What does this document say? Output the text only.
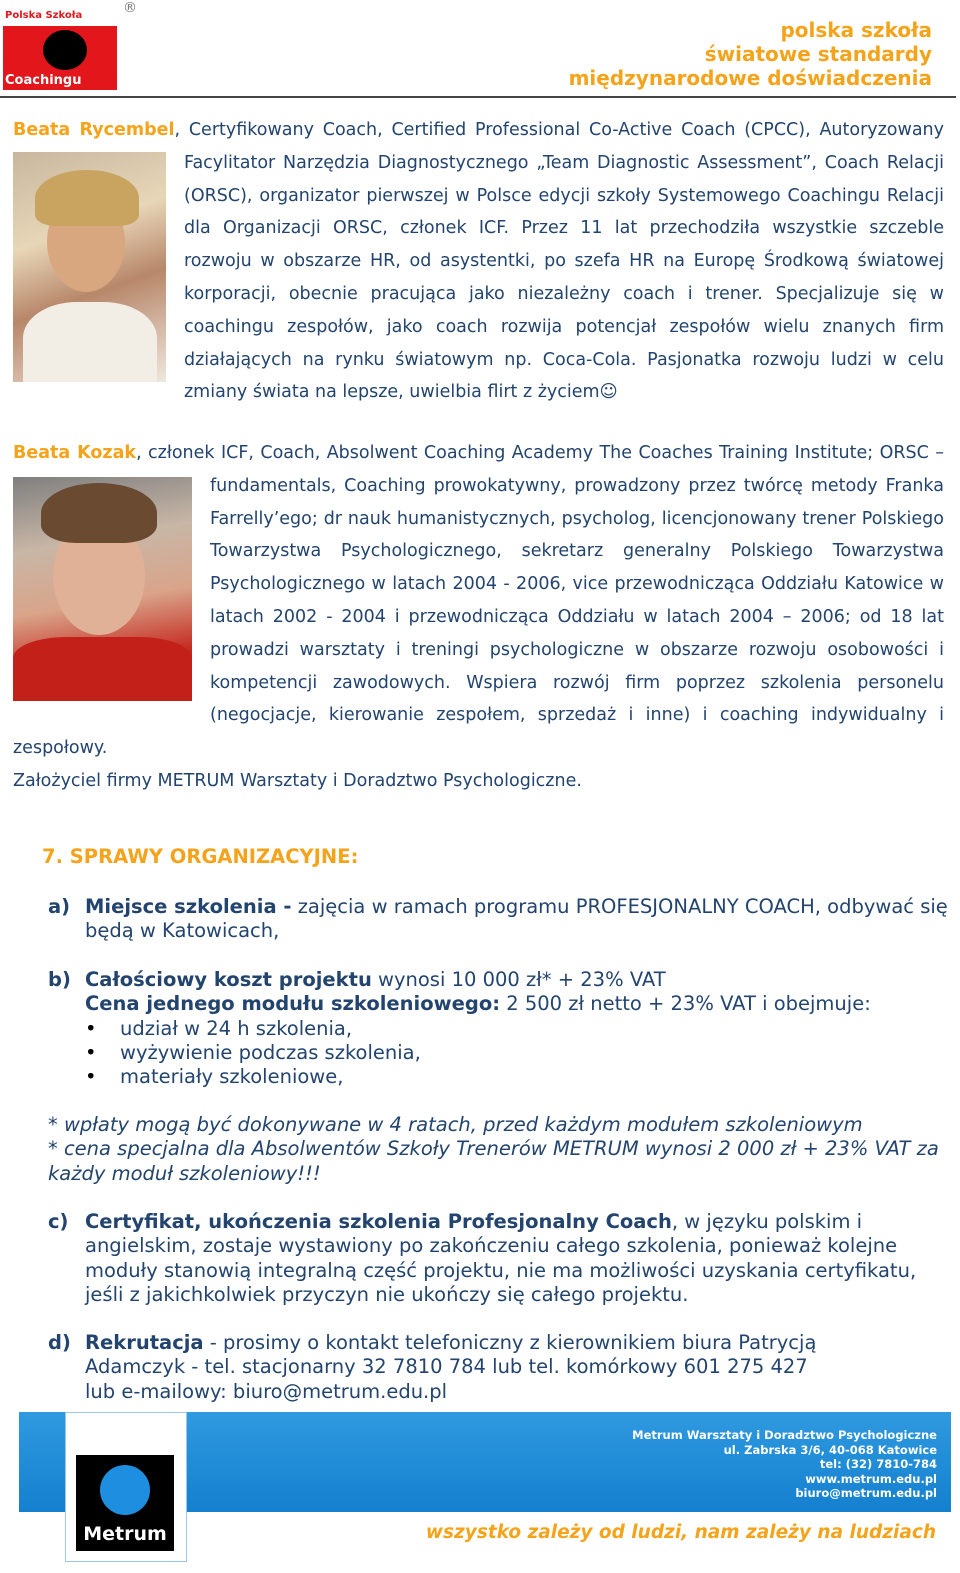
Polska Szkoła
Coachingu
®
polska szkoła
światowe standardy
międzynarodowe doświadczenia
Beata Rycembel, Certyfikowany Coach, Certified Professional Co-Active Coach (CPCC), Autoryzowany Facylitator Narzędzia Diagnostycznego „Team Diagnostic Assessment”, Coach Relacji (ORSC), organizator pierwszej w Polsce edycji szkoły Systemowego Coachingu Relacji dla Organizacji ORSC, członek ICF. Przez 11 lat przechodziła wszystkie szczeble rozwoju w obszarze HR, od asystentki, po szefa HR na Europę Środkową światowej korporacji, obecnie pracująca jako niezależny coach i trener. Specjalizuje się w coachingu zespołów, jako coach rozwija potencjał zespołów wielu znanych firm działających na rynku światowym np. Coca-Cola. Pasjonatka rozwoju ludzi w celu zmiany świata na lepsze, uwielbia flirt z życiem☺
Beata Kozak, członek ICF, Coach, Absolwent Coaching Academy The Coaches Training Institute; ORSC – fundamentals, Coaching prowokatywny, prowadzony przez twórcę metody Franka Farrelly’ego; dr nauk humanistycznych, psycholog, licencjonowany trener Polskiego Towarzystwa Psychologicznego, sekretarz generalny Polskiego Towarzystwa Psychologicznego w latach 2004 - 2006, vice przewodnicząca Oddziału Katowice w latach 2002 - 2004 i przewodnicząca Oddziału w latach 2004 – 2006; od 18 lat prowadzi warsztaty i treningi psychologiczne w obszarze rozwoju osobowości i kompetencji zawodowych. Wspiera rozwój firm poprzez szkolenia personelu (negocjacje, kierowanie zespołem, sprzedaż i inne) i coaching indywidualny i zespołowy.
Założyciel firmy METRUM Warsztaty i Doradztwo Psychologiczne.
7. SPRAWY ORGANIZACYJNE:
a) Miejsce szkolenia - zajęcia w ramach programu PROFESJONALNY COACH, odbywać się będą w Katowicach,
b) Całościowy koszt projektu wynosi 10 000 zł* + 23% VAT
Cena jednego modułu szkoleniowego: 2 500 zł netto + 23% VAT i obejmuje:
• udział w 24 h szkolenia,
• wyżywienie podczas szkolenia,
• materiały szkoleniowe,
* wpłaty mogą być dokonywane w 4 ratach, przed każdym modułem szkoleniowym
* cena specjalna dla Absolwentów Szkoły Trenerów METRUM wynosi 2 000 zł + 23% VAT za każdy moduł szkoleniowy!!!
c) Certyfikat, ukończenia szkolenia Profesjonalny Coach, w języku polskim i angielskim, zostaje wystawiony po zakończeniu całego szkolenia, ponieważ kolejne moduły stanowią integralną część projektu, nie ma możliwości uzyskania certyfikatu, jeśli z jakichkolwiek przyczyn nie ukończy się całego projektu.
d) Rekrutacja - prosimy o kontakt telefoniczny z kierownikiem biura Patrycją
Adamczyk - tel. stacjonarny 32 7810 784 lub tel. komórkowy 601 275 427
lub e-mailowy: biuro@metrum.edu.pl
Metrum Warsztaty i Doradztwo Psychologiczne
ul. Zabrska 3/6, 40-068 Katowice
tel: (32) 7810-784
www.metrum.edu.pl
biuro@metrum.edu.pl
Metrum	wszystko zależy od ludzi, nam zależy na ludziach
